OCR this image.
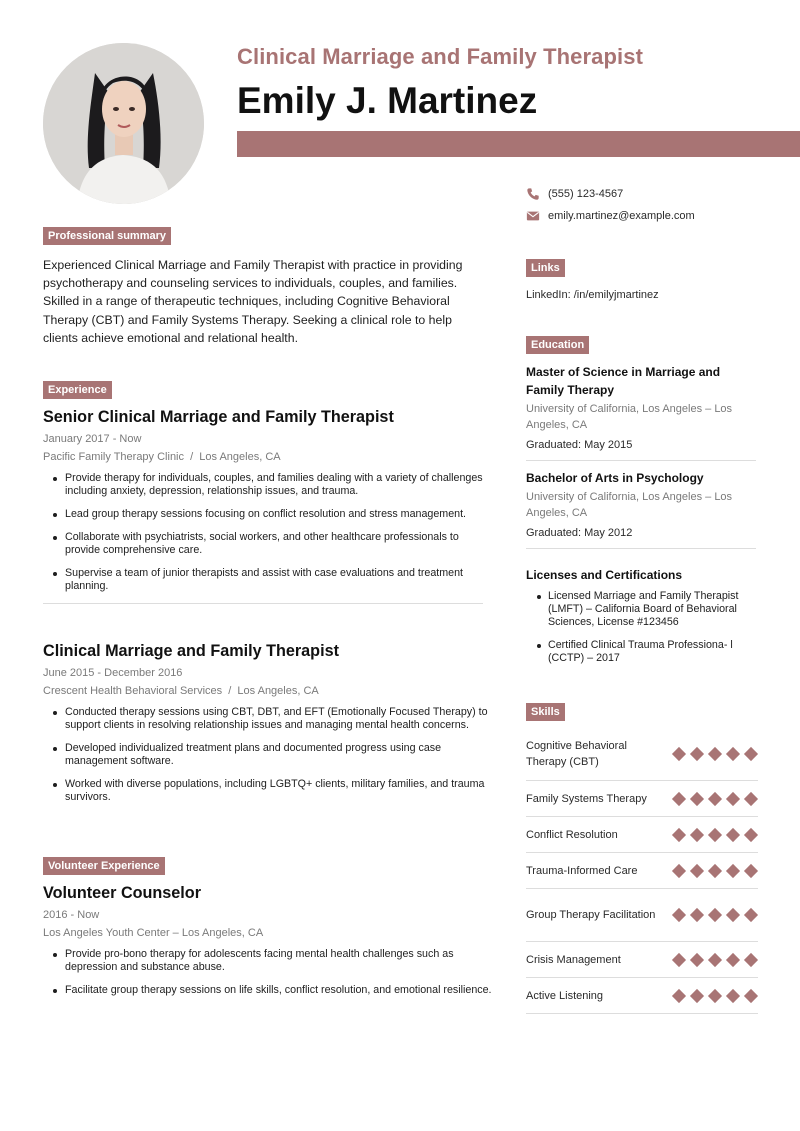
Clinical Marriage and Family Therapist
Emily J. Martinez
Professional summary

Experienced Clinical Marriage and Family Therapist with practice in providing psychotherapy and counseling services to individuals, couples, and families. Skilled in a range of therapeutic techniques, including Cognitive Behavioral Therapy (CBT) and Family Systems Therapy. Seeking a clinical role to help clients achieve emotional and relational health.

Experience
Senior Clinical Marriage and Family Therapist
January 2017 - Now
Pacific Family Therapy Clinic  /  Los Angeles, CA
Provide therapy for individuals, couples, and families dealing with a variety of challenges including anxiety, depression, relationship issues, and trauma.
Lead group therapy sessions focusing on conflict resolution and stress management.
Collaborate with psychiatrists, social workers, and other healthcare professionals to provide comprehensive care.
Supervise a team of junior therapists and assist with case evaluations and treatment planning.
Clinical Marriage and Family Therapist
June 2015 - December 2016
Crescent Health Behavioral Services  /  Los Angeles, CA
Conducted therapy sessions using CBT, DBT, and EFT (Emotionally Focused Therapy) to support clients in resolving relationship issues and managing mental health concerns.
Developed individualized treatment plans and documented progress using case management software.
Worked with diverse populations, including LGBTQ+ clients, military families, and trauma survivors.
Volunteer Experience
Volunteer Counselor
2016 - Now
Los Angeles Youth Center – Los Angeles, CA
Provide pro-bono therapy for adolescents facing mental health challenges such as depression and substance abuse.
Facilitate group therapy sessions on life skills, conflict resolution, and emotional resilience.
(555) 123-4567
emily.martinez@example.com
Links
LinkedIn: /in/emilyjmartinez
Education
Master of Science in Marriage and Family Therapy
University of California, Los Angeles – Los Angeles, CA
Graduated: May 2015
Bachelor of Arts in Psychology
University of California, Los Angeles – Los Angeles, CA
Graduated: May 2012
Licenses and Certifications
Licensed Marriage and Family Therapist (LMFT) – California Board of Behavioral Sciences, License #123456
Certified Clinical Trauma Professiona- l (CCTP) – 2017
Skills
Cognitive Behavioral Therapy (CBT)
Family Systems Therapy
Conflict Resolution
Trauma-Informed Care
Group Therapy Facilitation
Crisis Management
Active Listening
